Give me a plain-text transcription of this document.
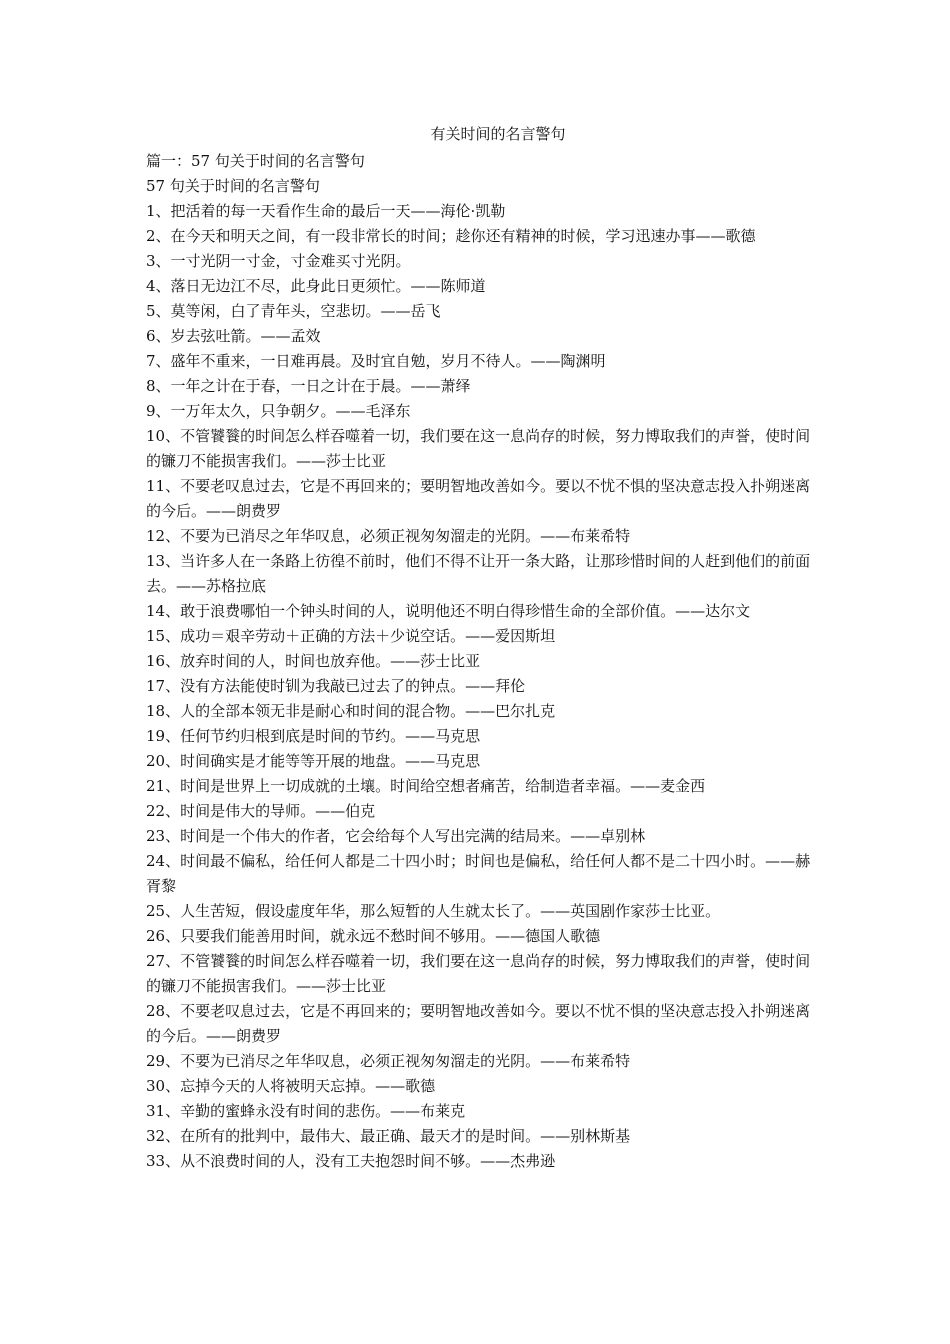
有关时间的名言警句

篇一：57 句关于时间的名言警句

57 句关于时间的名言警句

1、把活着的每一天看作生命的最后一天——海伦·凯勒

2、在今天和明天之间，有一段非常长的时间；趁你还有精神的时候，学习迅速办事——歌德

3、一寸光阴一寸金，寸金难买寸光阴。

4、落日无边江不尽，此身此日更须忙。——陈师道

5、莫等闲，白了青年头，空悲切。——岳飞

6、岁去弦吐箭。——孟效

7、盛年不重来，一日难再晨。及时宜自勉，岁月不待人。——陶渊明

8、一年之计在于春，一日之计在于晨。——萧绎

9、一万年太久，只争朝夕。——毛泽东

10、不管饕餮的时间怎么样吞噬着一切，我们要在这一息尚存的时候，努力博取我们的声誉，使时间的镰刀不能损害我们。——莎士比亚

11、不要老叹息过去，它是不再回来的；要明智地改善如今。要以不忧不惧的坚决意志投入扑朔迷离的今后。——朗费罗

12、不要为已消尽之年华叹息，必须正视匆匆溜走的光阴。——布莱希特

13、当许多人在一条路上彷徨不前时，他们不得不让开一条大路，让那珍惜时间的人赶到他们的前面去。——苏格拉底

14、敢于浪费哪怕一个钟头时间的人，说明他还不明白得珍惜生命的全部价值。——达尔文

15、成功＝艰辛劳动＋正确的方法＋少说空话。——爱因斯坦

16、放弃时间的人，时间也放弃他。——莎士比亚

17、没有方法能使时钏为我敲已过去了的钟点。——拜伦

18、人的全部本领无非是耐心和时间的混合物。——巴尔扎克

19、任何节约归根到底是时间的节约。——马克思

20、时间确实是才能等等开展的地盘。——马克思

21、时间是世界上一切成就的土壤。时间给空想者痛苦，给制造者幸福。——麦金西

22、时间是伟大的导师。——伯克

23、时间是一个伟大的作者，它会给每个人写出完满的结局来。——卓别林

24、时间最不偏私，给任何人都是二十四小时；时间也是偏私，给任何人都不是二十四小时。——赫胥黎

25、人生苦短，假设虚度年华，那么短暂的人生就太长了。——英国剧作家莎士比亚。

26、只要我们能善用时间，就永远不愁时间不够用。——德国人歌德

27、不管饕餮的时间怎么样吞噬着一切，我们要在这一息尚存的时候，努力博取我们的声誉，使时间的镰刀不能损害我们。——莎士比亚

28、不要老叹息过去，它是不再回来的；要明智地改善如今。要以不忧不惧的坚决意志投入扑朔迷离的今后。——朗费罗

29、不要为已消尽之年华叹息，必须正视匆匆溜走的光阴。——布莱希特

30、忘掉今天的人将被明天忘掉。——歌德

31、辛勤的蜜蜂永没有时间的悲伤。——布莱克

32、在所有的批判中，最伟大、最正确、最天才的是时间。——别林斯基

33、从不浪费时间的人，没有工夫抱怨时间不够。——杰弗逊
